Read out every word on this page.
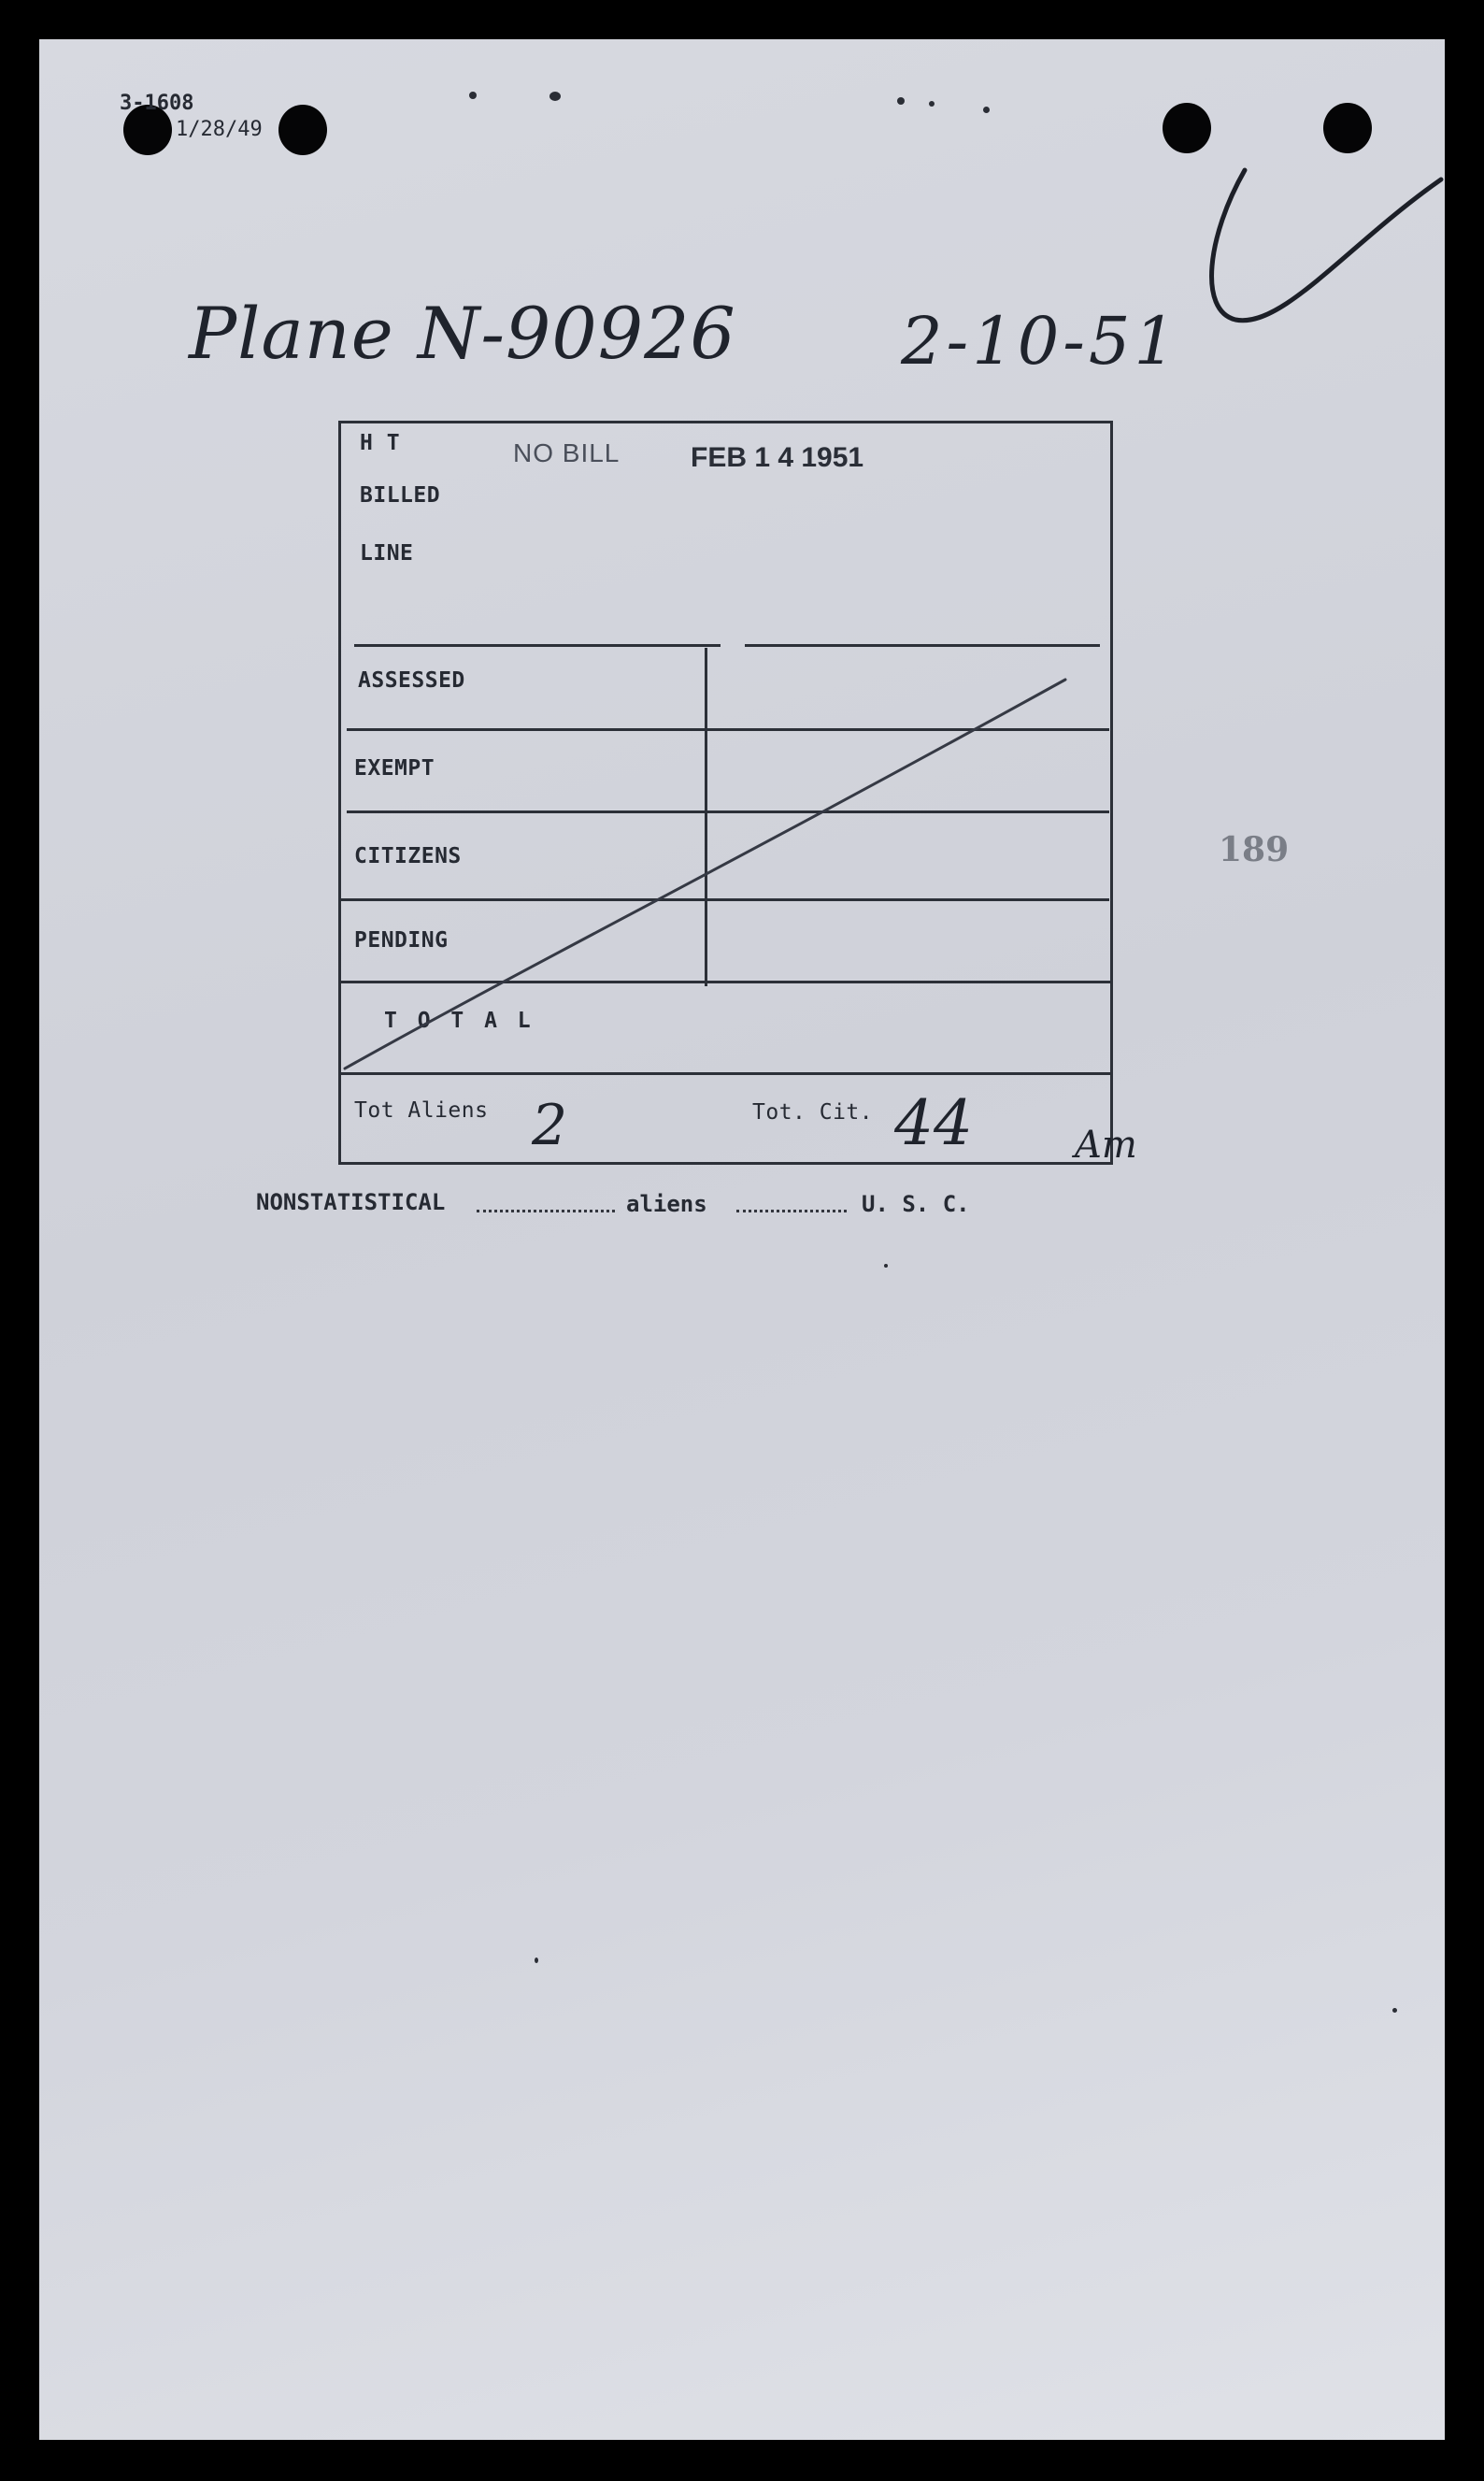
3-1608
1/28/49
Plane N-90926	2-10-51
H T
BILLED
LINE
NO BILL	FEB 1 4 1951
ASSESSED
EXEMPT
CITIZENS
PENDING
T O T A L
Tot Aliens 2	Tot. Cit. 44	Am
189
NONSTATISTICAL	aliens	U. S. C.
